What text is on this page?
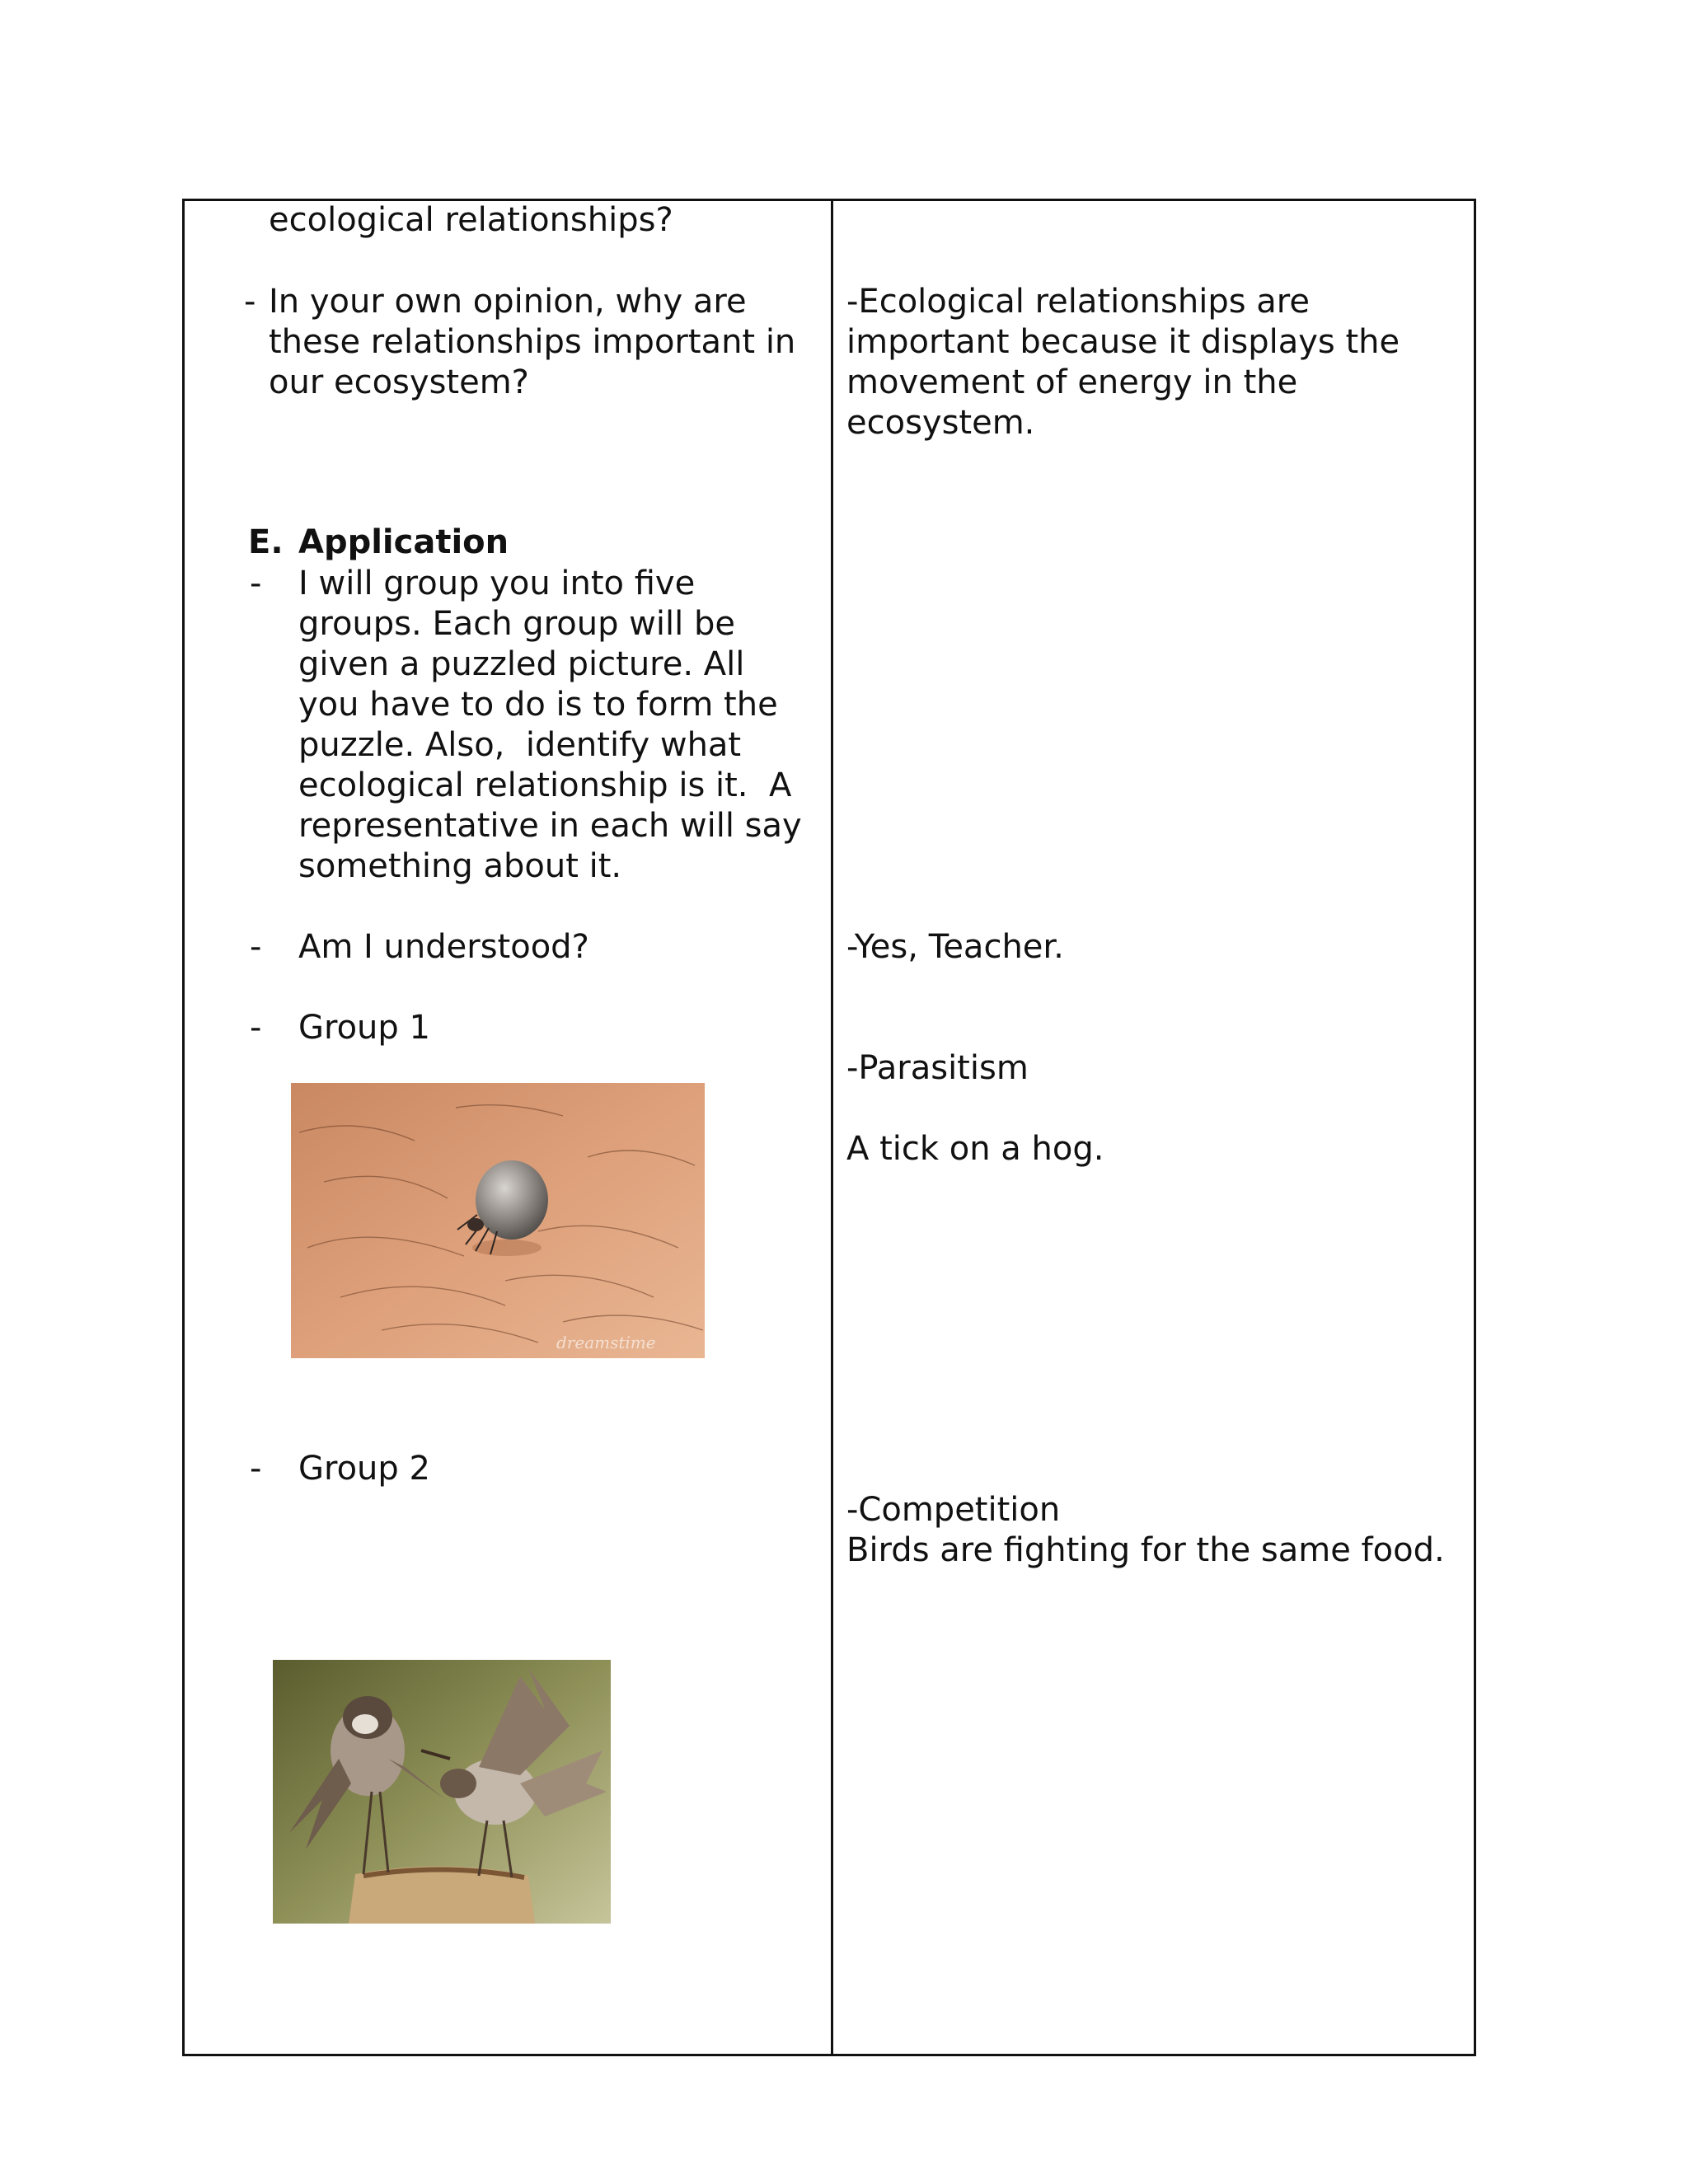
ecological relationships?

- In your own opinion, why are

these relationships important in

our ecosystem?

E. Application

- I will group you into five

groups. Each group will be

given a puzzled picture. All

you have to do is to form the

puzzle. Also,  identify what

ecological relationship is it.  A

representative in each will say

something about it.

- Am I understood?

- Group 1

dreamstime

- Group 2

-Ecological relationships are

important because it displays the

movement of energy in the

ecosystem.

-Yes, Teacher.

-Parasitism

A tick on a hog.

-Competition

Birds are fighting for the same food.
